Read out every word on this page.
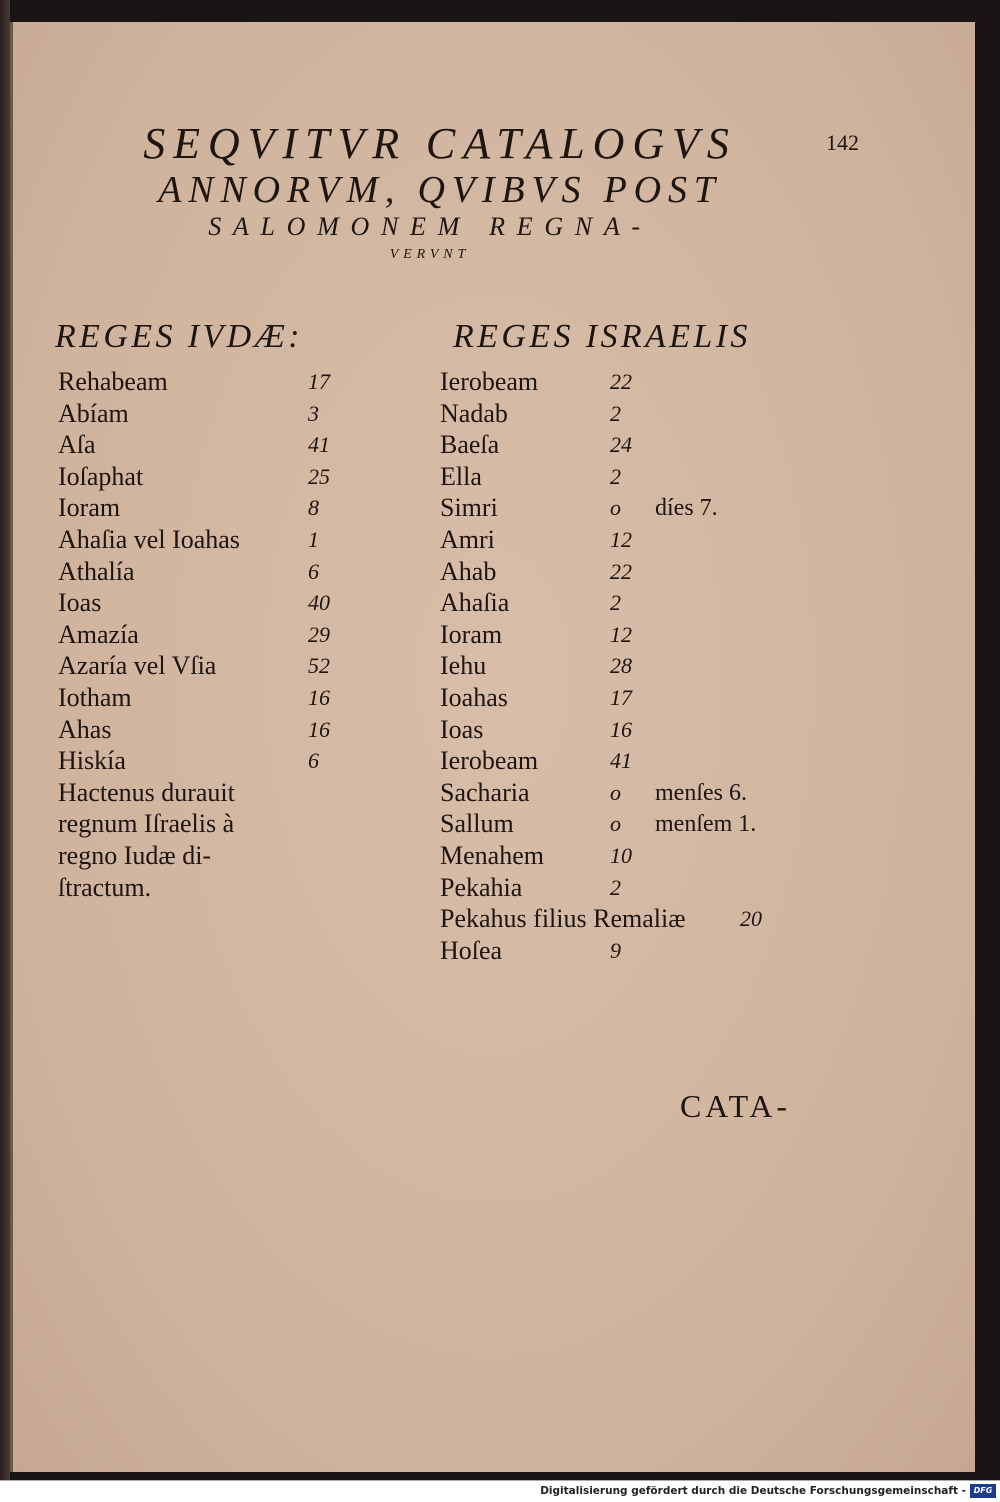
SEQVITVR CATALOGVS	142
ANNORVM, QVIBVS POST
SALOMONEM REGNA-
VERVNT
REGES IVDÆ:	REGES ISRAELIS
Rehabeam	17
Abíam	3
Aſa	41
Ioſaphat	25
Ioram	8
Ahaſia vel Ioahas	1
Athalía	6
Ioas	40
Amazía	29
Azaría vel Vſia	52
Iotham	16
Ahas	16
Hiskía	6
Hactenus durauit
regnum Iſraelis à
regno Iudæ di-
ſtractum.
Ierobeam	22
Nadab	2
Baeſa	24
Ella	2
Simri	o díes 7.
Amri	12
Ahab	22
Ahaſia	2
Ioram	12
Iehu	28
Ioahas	17
Ioas	16
Ierobeam	41
Sacharia	o menſes 6.
Sallum	o menſem 1.
Menahem	10
Pekahia	2
Pekahus filius Remaliæ 20
Hoſea	9
CATA-
Digitalisierung gefördert durch die Deutsche Forschungsgemeinschaft - DFG
